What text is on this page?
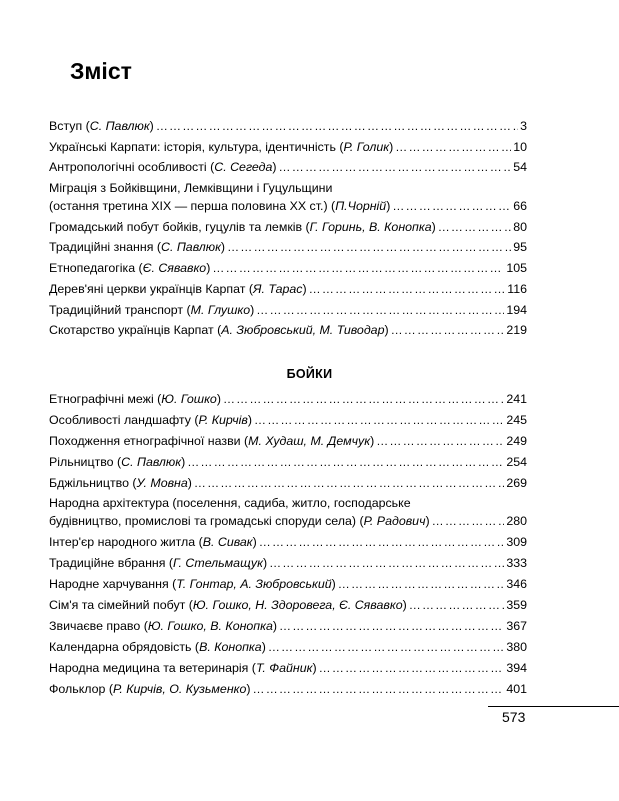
Зміст
Вступ (С. Павлюк) ………………………………………………………………………………………………………………………………………………………………………………………	3
Українські Карпати: історія, культура, ідентичність (Р. Голик) ………………………………………………………………………………………………………………………………………………………………………………………	10
Антропологічні особливості (С. Сегеда) ………………………………………………………………………………………………………………………………………………………………………………………	54
Міграція з Бойківщини, Лемківщини і Гуцульщини
(остання третина ХІХ — перша половина ХХ ст.) (П.Чорній) ………………………………………………………………………………………………………………………………………………………………………………………	66
Громадський побут бойків, гуцулів та лемків (Г. Горинь, В. Конопка) ………………………………………………………………………………………………………………………………………………………………………………………	80
Традиційні знання (С. Павлюк) ………………………………………………………………………………………………………………………………………………………………………………………	95
Етнопедагогіка (Є. Сявавко) ………………………………………………………………………………………………………………………………………………………………………………………	105
Дерев'яні церкви українців Карпат (Я. Тарас) ………………………………………………………………………………………………………………………………………………………………………………………	116
Традиційний транспорт (М. Глушко) ………………………………………………………………………………………………………………………………………………………………………………………	194
Скотарство українців Карпат (А. Зюбровський, М. Тиводар) ………………………………………………………………………………………………………………………………………………………………………………………	219
БОЙКИ
Етнографічні межі (Ю. Гошко) ………………………………………………………………………………………………………………………………………………………………………………………	241
Особливості ландшафту (Р. Кирчів) ………………………………………………………………………………………………………………………………………………………………………………………	245
Походження етнографічної назви (М. Худаш, М. Демчук) ………………………………………………………………………………………………………………………………………………………………………………………	249
Рільництво (С. Павлюк) ………………………………………………………………………………………………………………………………………………………………………………………	254
Бджільництво (У. Мовна) ………………………………………………………………………………………………………………………………………………………………………………………	269
Народна архітектура (поселення, садиба, житло, господарське
будівництво, промислові та громадські споруди села) (Р. Радович) ………………………………………………………………………………………………………………………………………………………………………………………	280
Інтер'єр народного житла (В. Сивак) ………………………………………………………………………………………………………………………………………………………………………………………	309
Традиційне вбрання (Г. Стельмащук) ………………………………………………………………………………………………………………………………………………………………………………………	333
Народне харчування (Т. Гонтар, А. Зюбровський) ………………………………………………………………………………………………………………………………………………………………………………………	346
Сім'я та сімейний побут (Ю. Гошко, Н. Здоровега, Є. Сявавко) ………………………………………………………………………………………………………………………………………………………………………………………	359
Звичаєве право (Ю. Гошко, В. Конопка) ………………………………………………………………………………………………………………………………………………………………………………………	367
Календарна обрядовість (В. Конопка) ………………………………………………………………………………………………………………………………………………………………………………………	380
Народна медицина та ветеринарія (Т. Файник) ………………………………………………………………………………………………………………………………………………………………………………………	394
Фольклор (Р. Кирчів, О. Кузьменко) ………………………………………………………………………………………………………………………………………………………………………………………	401
573
